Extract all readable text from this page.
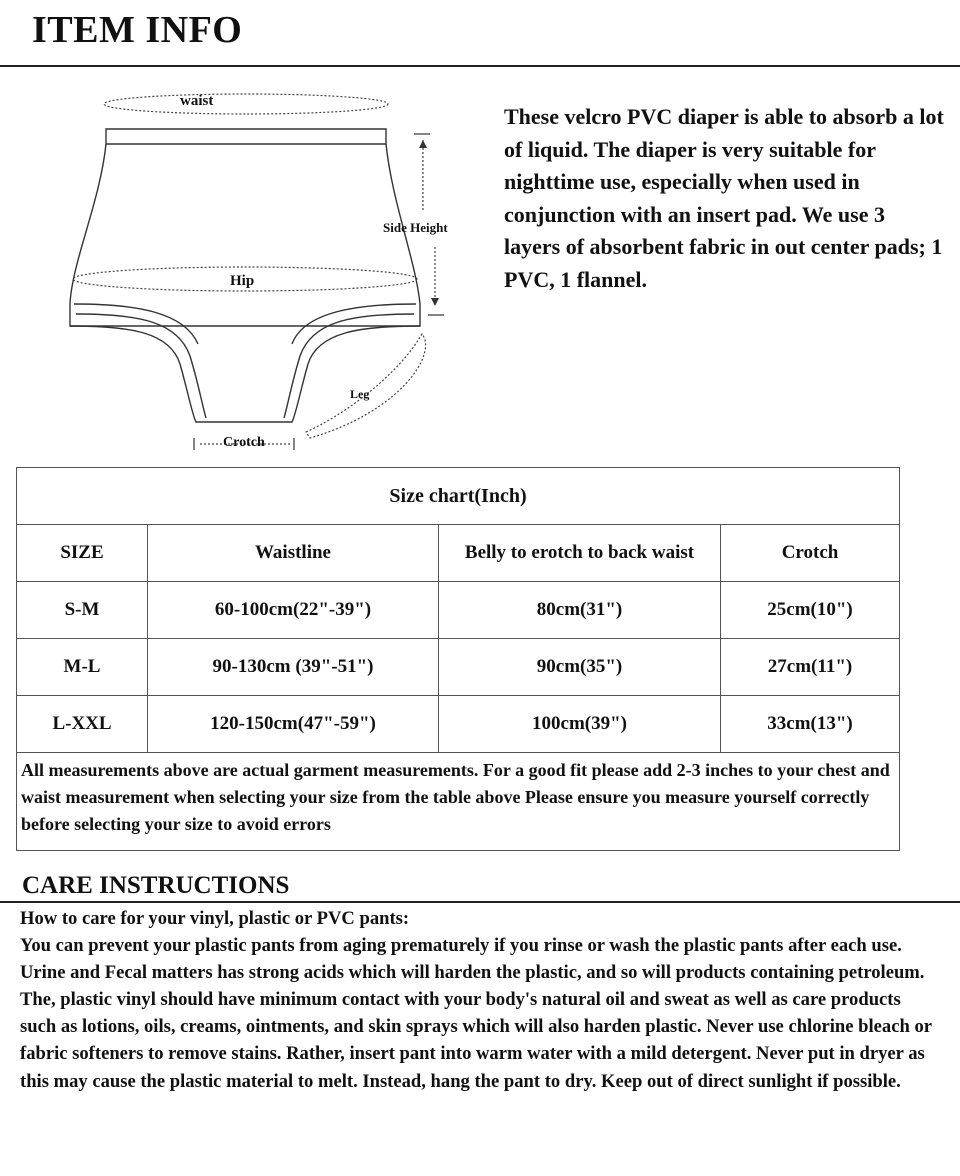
ITEM INFO
waist
Side Height
Hip
Leg
Crotch

These velcro PVC diaper is able to absorb a lot of liquid. The diaper is very suitable for nighttime use, especially when used in conjunction with an insert pad. We use 3 layers of absorbent fabric in out center pads; 1 PVC, 1 flannel.

Size chart(Inch)			
SIZE	Waistline	Belly to erotch to back waist	Crotch
S-M	60-100cm(22"-39")	80cm(31")	25cm(10")
M-L	90-130cm (39"-51")	90cm(35")	27cm(11")
L-XXL	120-150cm(47"-59")	100cm(39")	33cm(13")
All measurements above are actual garment measurements. For a good fit please add 2-3 inches to your chest and waist measurement when selecting your size from the table above Please ensure you measure yourself correctly before selecting your size to avoid errors			
CARE INSTRUCTIONS

How to care for your vinyl, plastic or PVC pants:
You can prevent your plastic pants from aging prematurely if you rinse or wash the plastic pants after each use. Urine and Fecal matters has strong acids which will harden the plastic, and so will products containing petroleum. The, plastic vinyl should have minimum contact with your body's natural oil and sweat as well as care products such as lotions, oils, creams, ointments, and skin sprays which will also harden plastic. Never use chlorine bleach or fabric softeners to remove stains. Rather, insert pant into warm water with a mild detergent. Never put in dryer as this may cause the plastic material to melt. Instead, hang the pant to dry. Keep out of direct sunlight if possible.
